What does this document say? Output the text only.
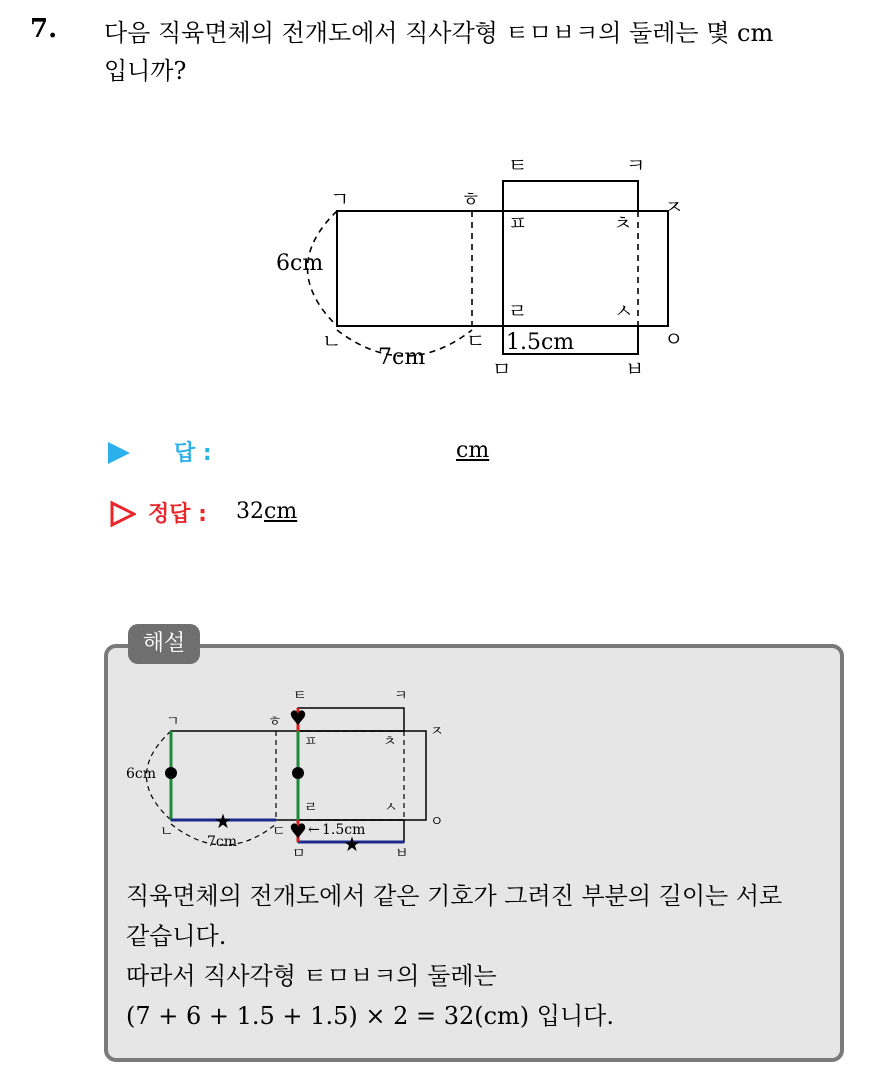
7. 다음 직육면체의 전개도에서 직사각형 ㅌㅁㅂㅋ의 둘레는 몇 cm
입니까?
ㅌ	ㅋ
ㄱ	ㅎ
ㅍ	ㅊ
ㅈ
ㄹ	ㅅ
ㅇ
ㄴ	ㄷ
ㅁ	ㅂ
6cm
7cm
1.5cm
답 :	cm
정답 : 32cm
해설
★
★
♥
♥
ㅌ	ㅋ
ㄱ	ㅎ
ㅍ	ㅊ
ㅈ
ㄹ	ㅅ
ㅇ
ㄴ	ㄷ
ㅁ	ㅂ
6cm
7cm
1.5cm
←
직육면체의 전개도에서 같은 기호가 그려진 부분의 길이는 서로
같습니다.
따라서 직사각형 ㅌㅁㅂㅋ의 둘레는
(7 + 6 + 1.5 + 1.5) × 2 = 32(cm) 입니다.
